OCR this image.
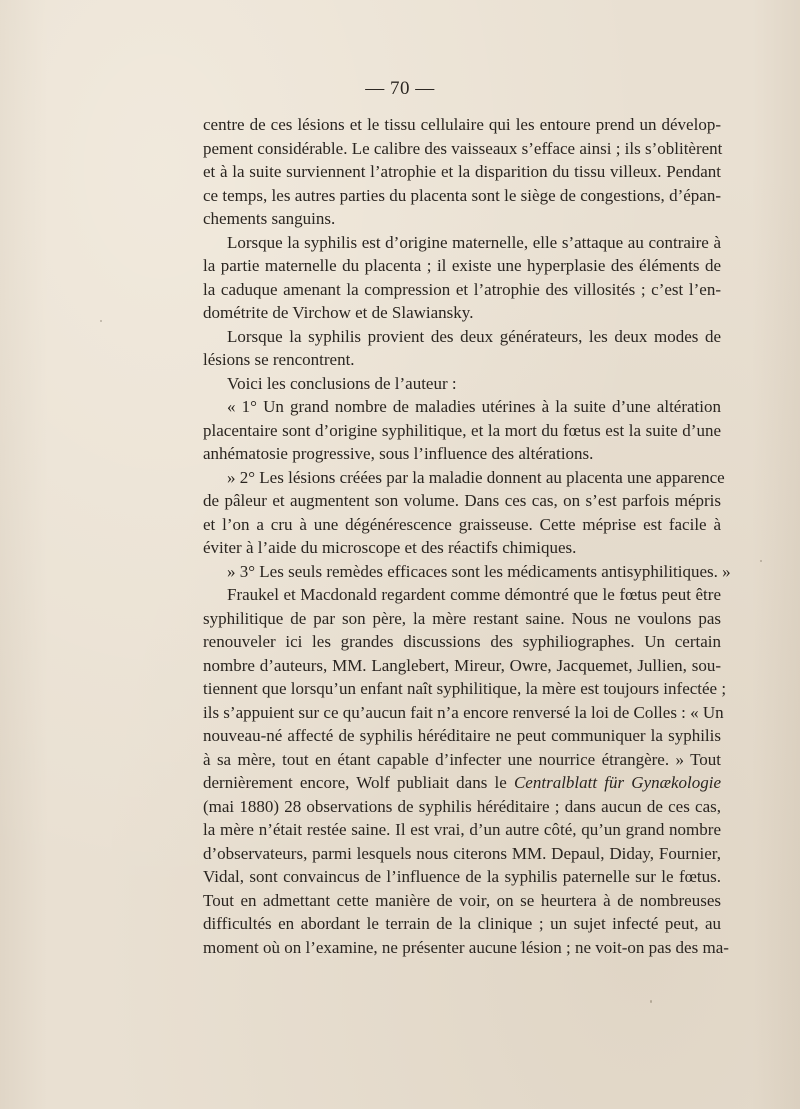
— 70 —
centre de ces lésions et le tissu cellulaire qui les entoure prend un dévelop-
pement considérable. Le calibre des vaisseaux s’efface ainsi ; ils s’oblitèrent
et à la suite surviennent l’atrophie et la disparition du tissu villeux. Pendant
ce temps, les autres parties du placenta sont le siège de congestions, d’épan-
chements sanguins.
Lorsque la syphilis est d’origine maternelle, elle s’attaque au contraire à
la partie maternelle du placenta ; il existe une hyperplasie des éléments de
la caduque amenant la compression et l’atrophie des villosités ; c’est l’en-
dométrite de Virchow et de Slawiansky.
Lorsque la syphilis provient des deux générateurs, les deux modes de
lésions se rencontrent.
Voici les conclusions de l’auteur :
« 1° Un grand nombre de maladies utérines à la suite d’une altération
placentaire sont d’origine syphilitique, et la mort du fœtus est la suite d’une
anhématosie progressive, sous l’influence des altérations.
» 2° Les lésions créées par la maladie donnent au placenta une apparence
de pâleur et augmentent son volume. Dans ces cas, on s’est parfois mépris
et l’on a cru à une dégénérescence graisseuse. Cette méprise est facile à
éviter à l’aide du microscope et des réactifs chimiques.
» 3° Les seuls remèdes efficaces sont les médicaments antisyphilitiques. »
Fraukel et Macdonald regardent comme démontré que le fœtus peut être
syphilitique de par son père, la mère restant saine. Nous ne voulons pas
renouveler ici les grandes discussions des syphiliographes. Un certain
nombre d’auteurs, MM. Langlebert, Mireur, Owre, Jacquemet, Jullien, sou-
tiennent que lorsqu’un enfant naît syphilitique, la mère est toujours infectée ;
ils s’appuient sur ce qu’aucun fait n’a encore renversé la loi de Colles : « Un
nouveau-né affecté de syphilis héréditaire ne peut communiquer la syphilis
à sa mère, tout en étant capable d’infecter une nourrice étrangère. » Tout
dernièrement encore, Wolf publiait dans le Centralblatt für Gynækologie
(mai 1880) 28 observations de syphilis héréditaire ; dans aucun de ces cas,
la mère n’était restée saine. Il est vrai, d’un autre côté, qu’un grand nombre
d’observateurs, parmi lesquels nous citerons MM. Depaul, Diday, Fournier,
Vidal, sont convaincus de l’influence de la syphilis paternelle sur le fœtus.
Tout en admettant cette manière de voir, on se heurtera à de nombreuses
difficultés en abordant le terrain de la clinique ; un sujet infecté peut, au
moment où on l’examine, ne présenter aucune lésion ; ne voit-on pas des ma-
